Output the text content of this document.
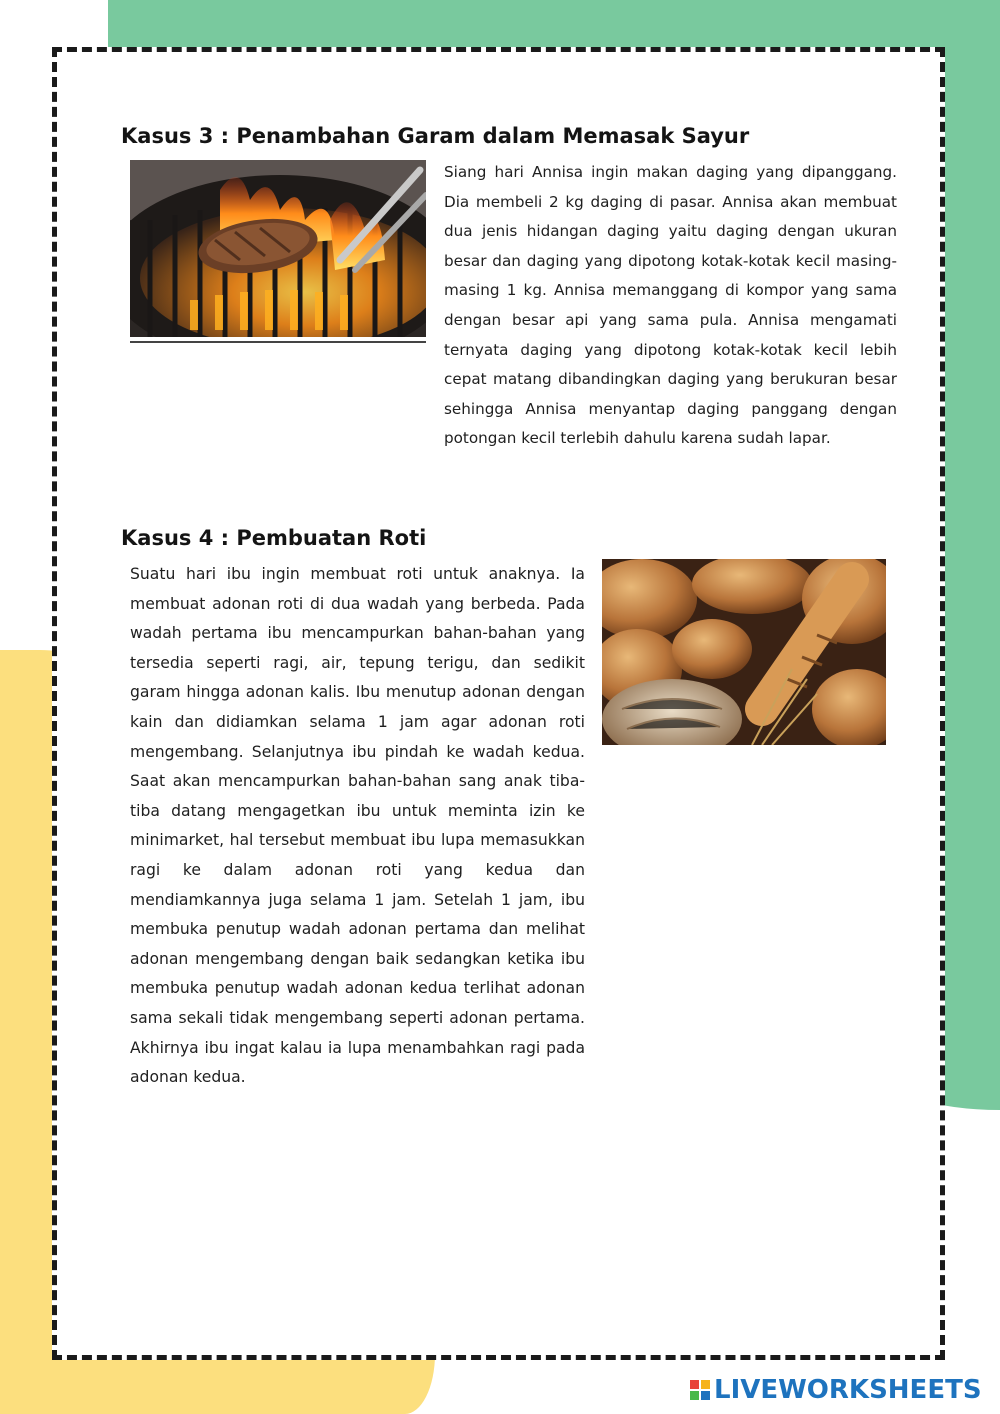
Kasus 3 : Penambahan Garam dalam Memasak Sayur

Siang hari Annisa ingin makan daging yang dipanggang. Dia membeli 2 kg daging di pasar. Annisa akan membuat dua jenis hidangan daging yaitu daging dengan ukuran besar dan daging yang dipotong kotak-kotak kecil masing-masing 1 kg. Annisa memanggang di kompor yang sama dengan besar api yang sama pula. Annisa mengamati ternyata daging yang dipotong kotak-kotak kecil lebih cepat matang dibandingkan daging yang berukuran besar sehingga Annisa menyantap daging panggang dengan potongan kecil terlebih dahulu karena sudah lapar.

Kasus 4 : Pembuatan Roti

Suatu hari ibu ingin membuat roti untuk anaknya. Ia membuat adonan roti di dua wadah yang berbeda. Pada wadah pertama ibu mencampurkan bahan-bahan yang tersedia seperti ragi, air, tepung terigu, dan sedikit garam hingga adonan kalis. Ibu menutup adonan dengan kain dan didiamkan selama 1 jam agar adonan roti mengembang. Selanjutnya ibu pindah ke wadah kedua. Saat akan mencampurkan bahan-bahan sang anak tiba-tiba datang mengagetkan ibu untuk meminta izin ke minimarket, hal tersebut membuat ibu lupa memasukkan ragi ke dalam adonan roti yang kedua dan mendiamkannya juga selama 1 jam. Setelah 1 jam, ibu membuka penutup wadah adonan pertama dan melihat adonan mengembang dengan baik sedangkan ketika ibu membuka penutup wadah adonan kedua terlihat adonan sama sekali tidak mengembang seperti adonan pertama. Akhirnya ibu ingat kalau ia lupa menambahkan ragi pada adonan kedua.

LIVEWORKSHEETS
